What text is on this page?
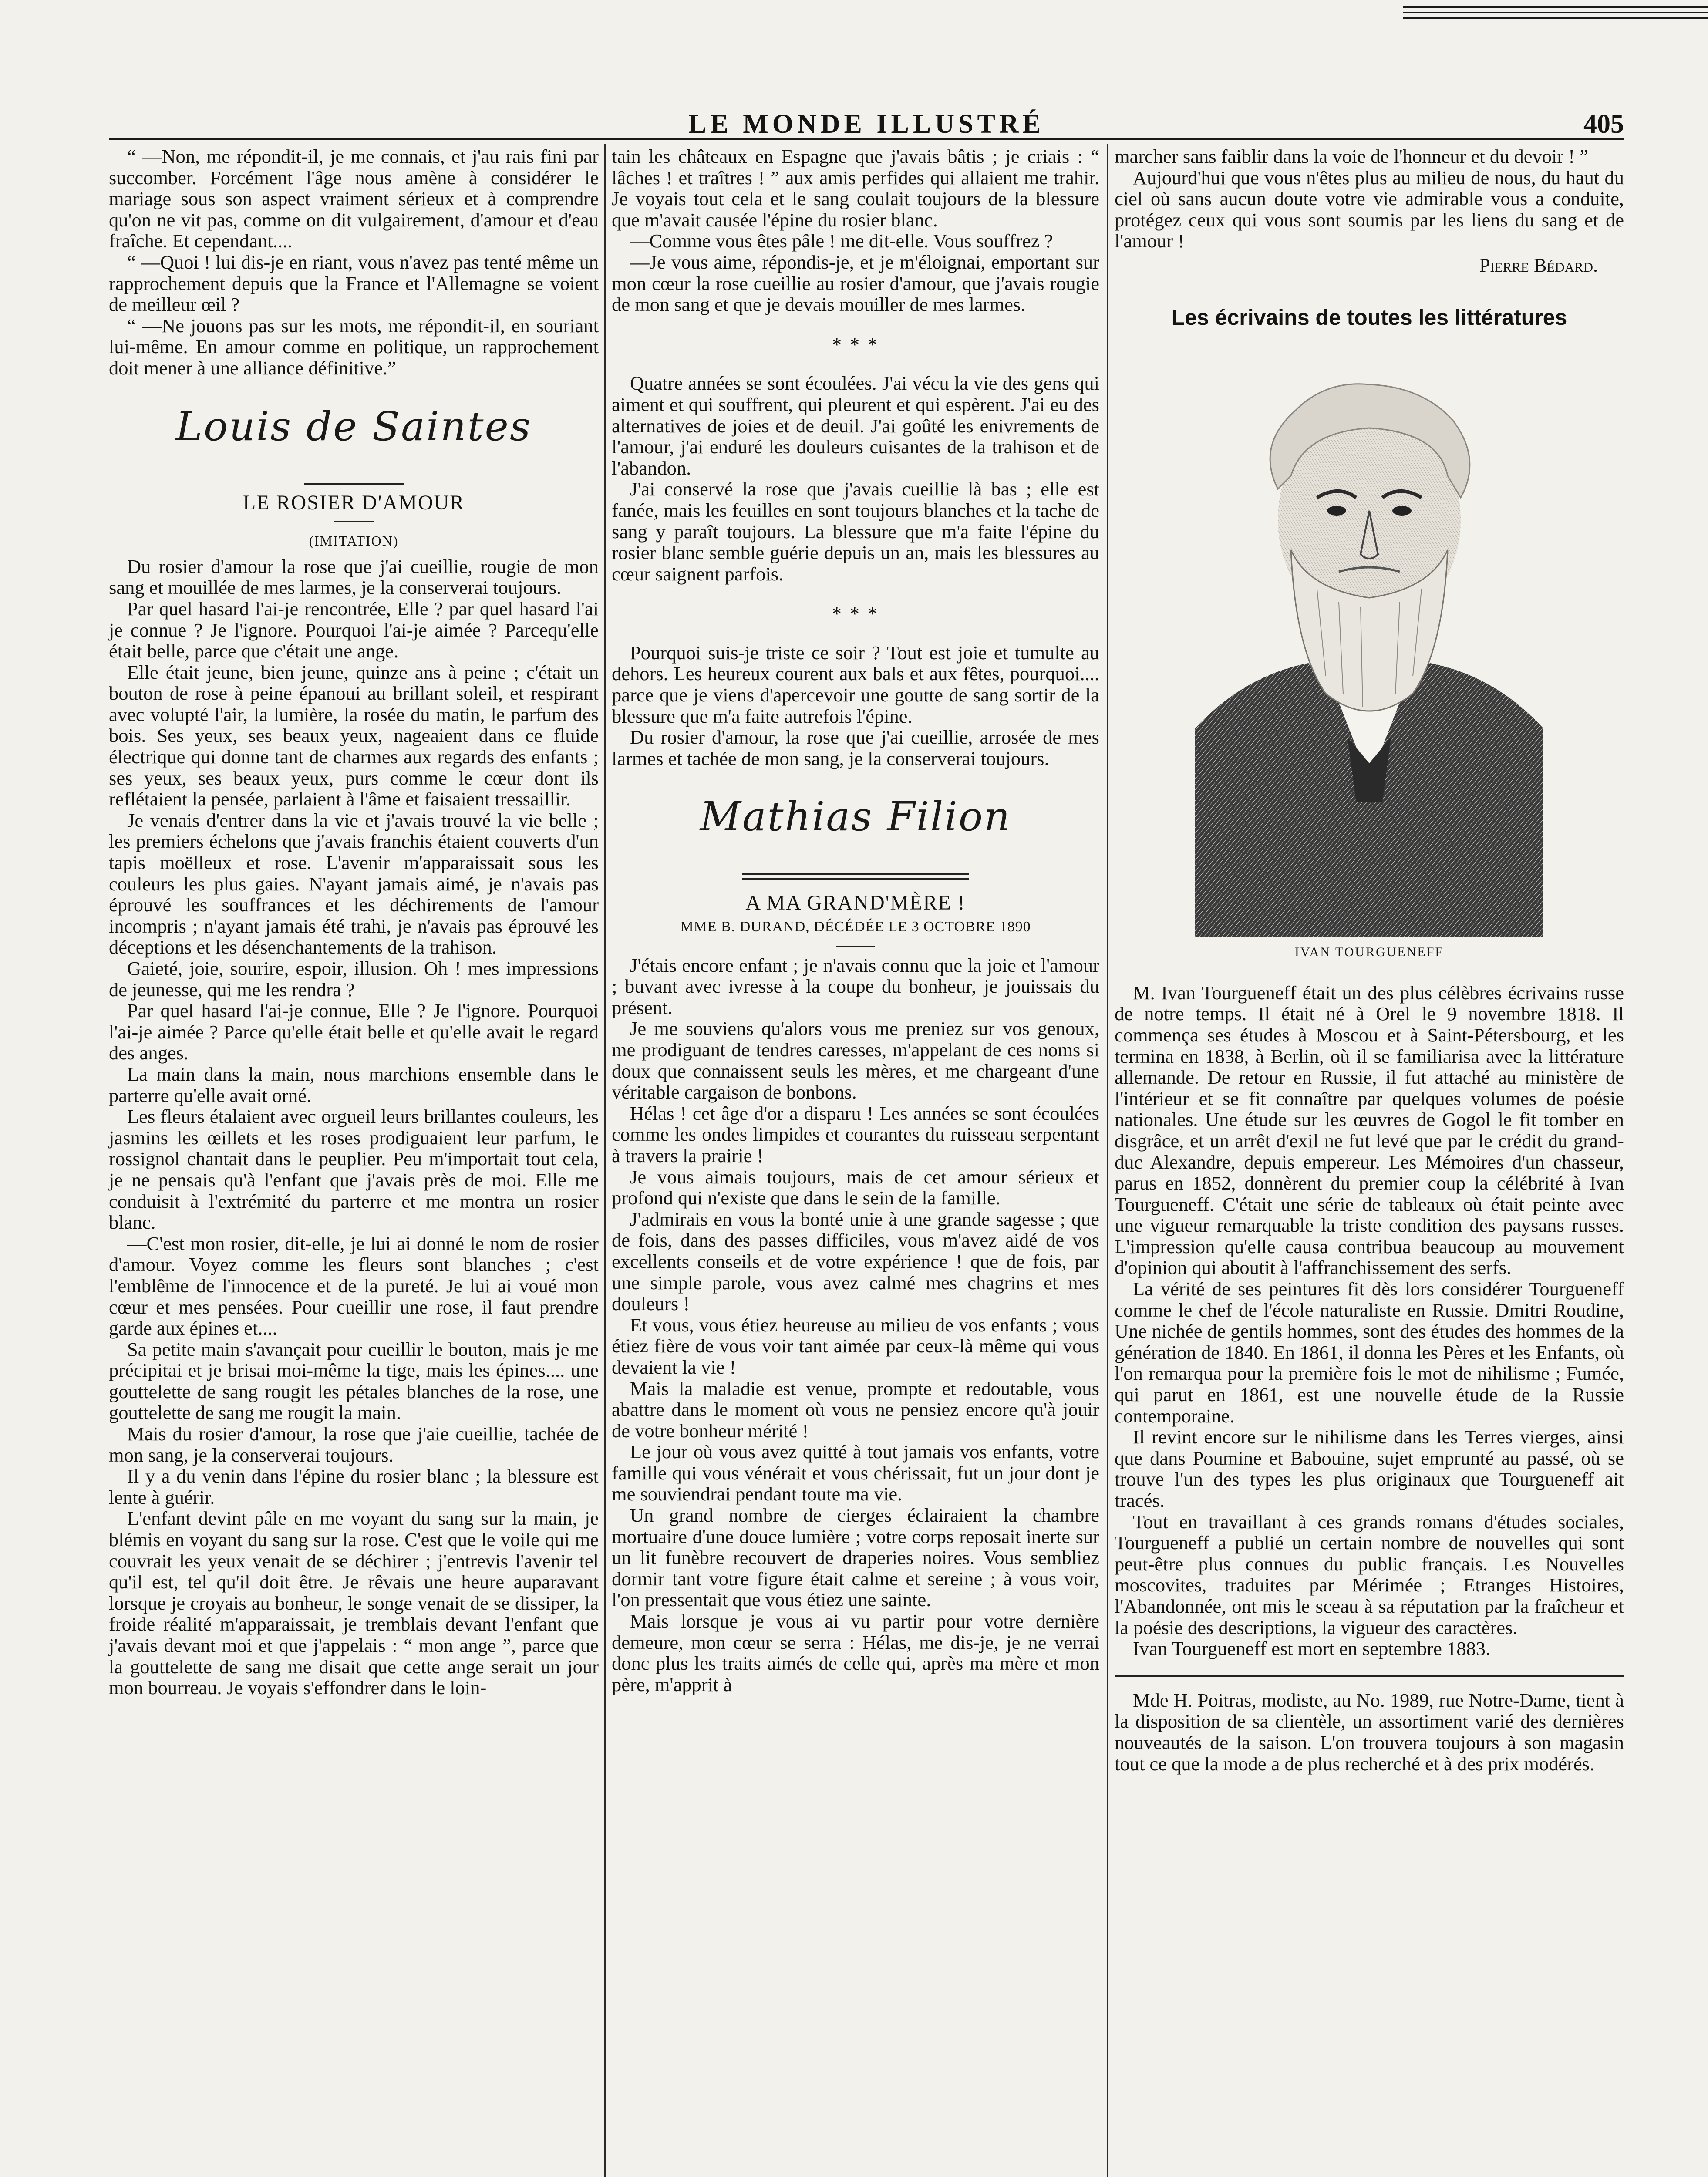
LE MONDE ILLUSTRÉ	405

“ —Non, me répondit-il, je me connais, et j'au rais fini par succomber. Forcément l'âge nous amène à considérer le mariage sous son aspect vraiment sérieux et à comprendre qu'on ne vit pas, comme on dit vulgairement, d'amour et d'eau fraîche. Et cependant....

“ —Quoi ! lui dis-je en riant, vous n'avez pas tenté même un rapprochement depuis que la France et l'Allemagne se voient de meilleur œil ?

“ —Ne jouons pas sur les mots, me répondit-il, en souriant lui-même. En amour comme en politique, un rapprochement doit mener à une alliance définitive.”

Louis de Saintes
LE ROSIER D'AMOUR
(IMITATION)

Du rosier d'amour la rose que j'ai cueillie, rougie de mon sang et mouillée de mes larmes, je la conserverai toujours.

Par quel hasard l'ai-je rencontrée, Elle ? par quel hasard l'ai je connue ? Je l'ignore. Pourquoi l'ai-je aimée ? Parcequ'elle était belle, parce que c'était une ange.

Elle était jeune, bien jeune, quinze ans à peine ; c'était un bouton de rose à peine épanoui au brillant soleil, et respirant avec volupté l'air, la lumière, la rosée du matin, le parfum des bois. Ses yeux, ses beaux yeux, nageaient dans ce fluide électrique qui donne tant de charmes aux regards des enfants ; ses yeux, ses beaux yeux, purs comme le cœur dont ils reflétaient la pensée, parlaient à l'âme et faisaient tressaillir.

Je venais d'entrer dans la vie et j'avais trouvé la vie belle ; les premiers échelons que j'avais franchis étaient couverts d'un tapis moëlleux et rose. L'avenir m'apparaissait sous les couleurs les plus gaies. N'ayant jamais aimé, je n'avais pas éprouvé les souffrances et les déchirements de l'amour incompris ; n'ayant jamais été trahi, je n'avais pas éprouvé les déceptions et les désenchantements de la trahison.

Gaieté, joie, sourire, espoir, illusion. Oh ! mes impressions de jeunesse, qui me les rendra ?

Par quel hasard l'ai-je connue, Elle ? Je l'ignore. Pourquoi l'ai-je aimée ? Parce qu'elle était belle et qu'elle avait le regard des anges.

La main dans la main, nous marchions ensemble dans le parterre qu'elle avait orné.

Les fleurs étalaient avec orgueil leurs brillantes couleurs, les jasmins les œillets et les roses prodiguaient leur parfum, le rossignol chantait dans le peuplier. Peu m'importait tout cela, je ne pensais qu'à l'enfant que j'avais près de moi. Elle me conduisit à l'extrémité du parterre et me montra un rosier blanc.

—C'est mon rosier, dit-elle, je lui ai donné le nom de rosier d'amour. Voyez comme les fleurs sont blanches ; c'est l'emblême de l'innocence et de la pureté. Je lui ai voué mon cœur et mes pensées. Pour cueillir une rose, il faut prendre garde aux épines et....

Sa petite main s'avançait pour cueillir le bouton, mais je me précipitai et je brisai moi-même la tige, mais les épines.... une gouttelette de sang rougit les pétales blanches de la rose, une gouttelette de sang me rougit la main.

Mais du rosier d'amour, la rose que j'aie cueillie, tachée de mon sang, je la conserverai toujours.

Il y a du venin dans l'épine du rosier blanc ; la blessure est lente à guérir.

L'enfant devint pâle en me voyant du sang sur la main, je blémis en voyant du sang sur la rose. C'est que le voile qui me couvrait les yeux venait de se déchirer ; j'entrevis l'avenir tel qu'il est, tel qu'il doit être. Je rêvais une heure auparavant lorsque je croyais au bonheur, le songe venait de se dissiper, la froide réalité m'apparaissait, je tremblais devant l'enfant que j'avais devant moi et que j'appelais : “ mon ange ”, parce que la gouttelette de sang me disait que cette ange serait un jour mon bourreau. Je voyais s'effondrer dans le loin-

tain les châteaux en Espagne que j'avais bâtis ; je criais : “ lâches ! et traîtres ! ” aux amis perfides qui allaient me trahir. Je voyais tout cela et le sang coulait toujours de la blessure que m'avait causée l'épine du rosier blanc.

—Comme vous êtes pâle ! me dit-elle. Vous souffrez ?

—Je vous aime, répondis-je, et je m'éloignai, emportant sur mon cœur la rose cueillie au rosier d'amour, que j'avais rougie de mon sang et que je devais mouiller de mes larmes.

* * *

Quatre années se sont écoulées. J'ai vécu la vie des gens qui aiment et qui souffrent, qui pleurent et qui espèrent. J'ai eu des alternatives de joies et de deuil. J'ai goûté les enivrements de l'amour, j'ai enduré les douleurs cuisantes de la trahison et de l'abandon.

J'ai conservé la rose que j'avais cueillie là bas ; elle est fanée, mais les feuilles en sont toujours blanches et la tache de sang y paraît toujours. La blessure que m'a faite l'épine du rosier blanc semble guérie depuis un an, mais les blessures au cœur saignent parfois.

* * *

Pourquoi suis-je triste ce soir ? Tout est joie et tumulte au dehors. Les heureux courent aux bals et aux fêtes, pourquoi.... parce que je viens d'apercevoir une goutte de sang sortir de la blessure que m'a faite autrefois l'épine.

Du rosier d'amour, la rose que j'ai cueillie, arrosée de mes larmes et tachée de mon sang, je la conserverai toujours.

Mathias Filion
A MA GRAND'MÈRE !
MME B. DURAND, DÉCÉDÉE LE 3 OCTOBRE 1890

J'étais encore enfant ; je n'avais connu que la joie et l'amour ; buvant avec ivresse à la coupe du bonheur, je jouissais du présent.

Je me souviens qu'alors vous me preniez sur vos genoux, me prodiguant de tendres caresses, m'appelant de ces noms si doux que connaissent seuls les mères, et me chargeant d'une véritable cargaison de bonbons.

Hélas ! cet âge d'or a disparu ! Les années se sont écoulées comme les ondes limpides et courantes du ruisseau serpentant à travers la prairie !

Je vous aimais toujours, mais de cet amour sérieux et profond qui n'existe que dans le sein de la famille.

J'admirais en vous la bonté unie à une grande sagesse ; que de fois, dans des passes difficiles, vous m'avez aidé de vos excellents conseils et de votre expérience ! que de fois, par une simple parole, vous avez calmé mes chagrins et mes douleurs !

Et vous, vous étiez heureuse au milieu de vos enfants ; vous étiez fière de vous voir tant aimée par ceux-là même qui vous devaient la vie !

Mais la maladie est venue, prompte et redoutable, vous abattre dans le moment où vous ne pensiez encore qu'à jouir de votre bonheur mérité !

Le jour où vous avez quitté à tout jamais vos enfants, votre famille qui vous vénérait et vous chérissait, fut un jour dont je me souviendrai pendant toute ma vie.

Un grand nombre de cierges éclairaient la chambre mortuaire d'une douce lumière ; votre corps reposait inerte sur un lit funèbre recouvert de draperies noires. Vous sembliez dormir tant votre figure était calme et sereine ; à vous voir, l'on pressentait que vous étiez une sainte.

Mais lorsque je vous ai vu partir pour votre dernière demeure, mon cœur se serra : Hélas, me dis-je, je ne verrai donc plus les traits aimés de celle qui, après ma mère et mon père, m'apprit à

marcher sans faiblir dans la voie de l'honneur et du devoir ! ”

Aujourd'hui que vous n'êtes plus au milieu de nous, du haut du ciel où sans aucun doute votre vie admirable vous a conduite, protégez ceux qui vous sont soumis par les liens du sang et de l'amour !

Pierre Bédard.
Les écrivains de toutes les littératures
IVAN TOURGUENEFF

M. Ivan Tourgueneff était un des plus célèbres écrivains russe de notre temps. Il était né à Orel le 9 novembre 1818. Il commença ses études à Moscou et à Saint-Pétersbourg, et les termina en 1838, à Berlin, où il se familiarisa avec la littérature allemande. De retour en Russie, il fut attaché au ministère de l'intérieur et se fit connaître par quelques volumes de poésie nationales. Une étude sur les œuvres de Gogol le fit tomber en disgrâce, et un arrêt d'exil ne fut levé que par le crédit du grand-duc Alexandre, depuis empereur. Les Mémoires d'un chasseur, parus en 1852, donnèrent du premier coup la célébrité à Ivan Tourgueneff. C'était une série de tableaux où était peinte avec une vigueur remarquable la triste condition des paysans russes. L'impression qu'elle causa contribua beaucoup au mouvement d'opinion qui aboutit à l'affranchissement des serfs.

La vérité de ses peintures fit dès lors considérer Tourgueneff comme le chef de l'école naturaliste en Russie. Dmitri Roudine, Une nichée de gentils hommes, sont des études des hommes de la génération de 1840. En 1861, il donna les Pères et les Enfants, où l'on remarqua pour la première fois le mot de nihilisme ; Fumée, qui parut en 1861, est une nouvelle étude de la Russie contemporaine.

Il revint encore sur le nihilisme dans les Terres vierges, ainsi que dans Poumine et Babouine, sujet emprunté au passé, où se trouve l'un des types les plus originaux que Tourgueneff ait tracés.

Tout en travaillant à ces grands romans d'études sociales, Tourgueneff a publié un certain nombre de nouvelles qui sont peut-être plus connues du public français. Les Nouvelles moscovites, traduites par Mérimée ; Etranges Histoires, l'Abandonnée, ont mis le sceau à sa réputation par la fraîcheur et la poésie des descriptions, la vigueur des caractères.

Ivan Tourgueneff est mort en septembre 1883.

Mde H. Poitras, modiste, au No. 1989, rue Notre-Dame, tient à la disposition de sa clientèle, un assortiment varié des dernières nouveautés de la saison. L'on trouvera toujours à son magasin tout ce que la mode a de plus recherché et à des prix modérés.
